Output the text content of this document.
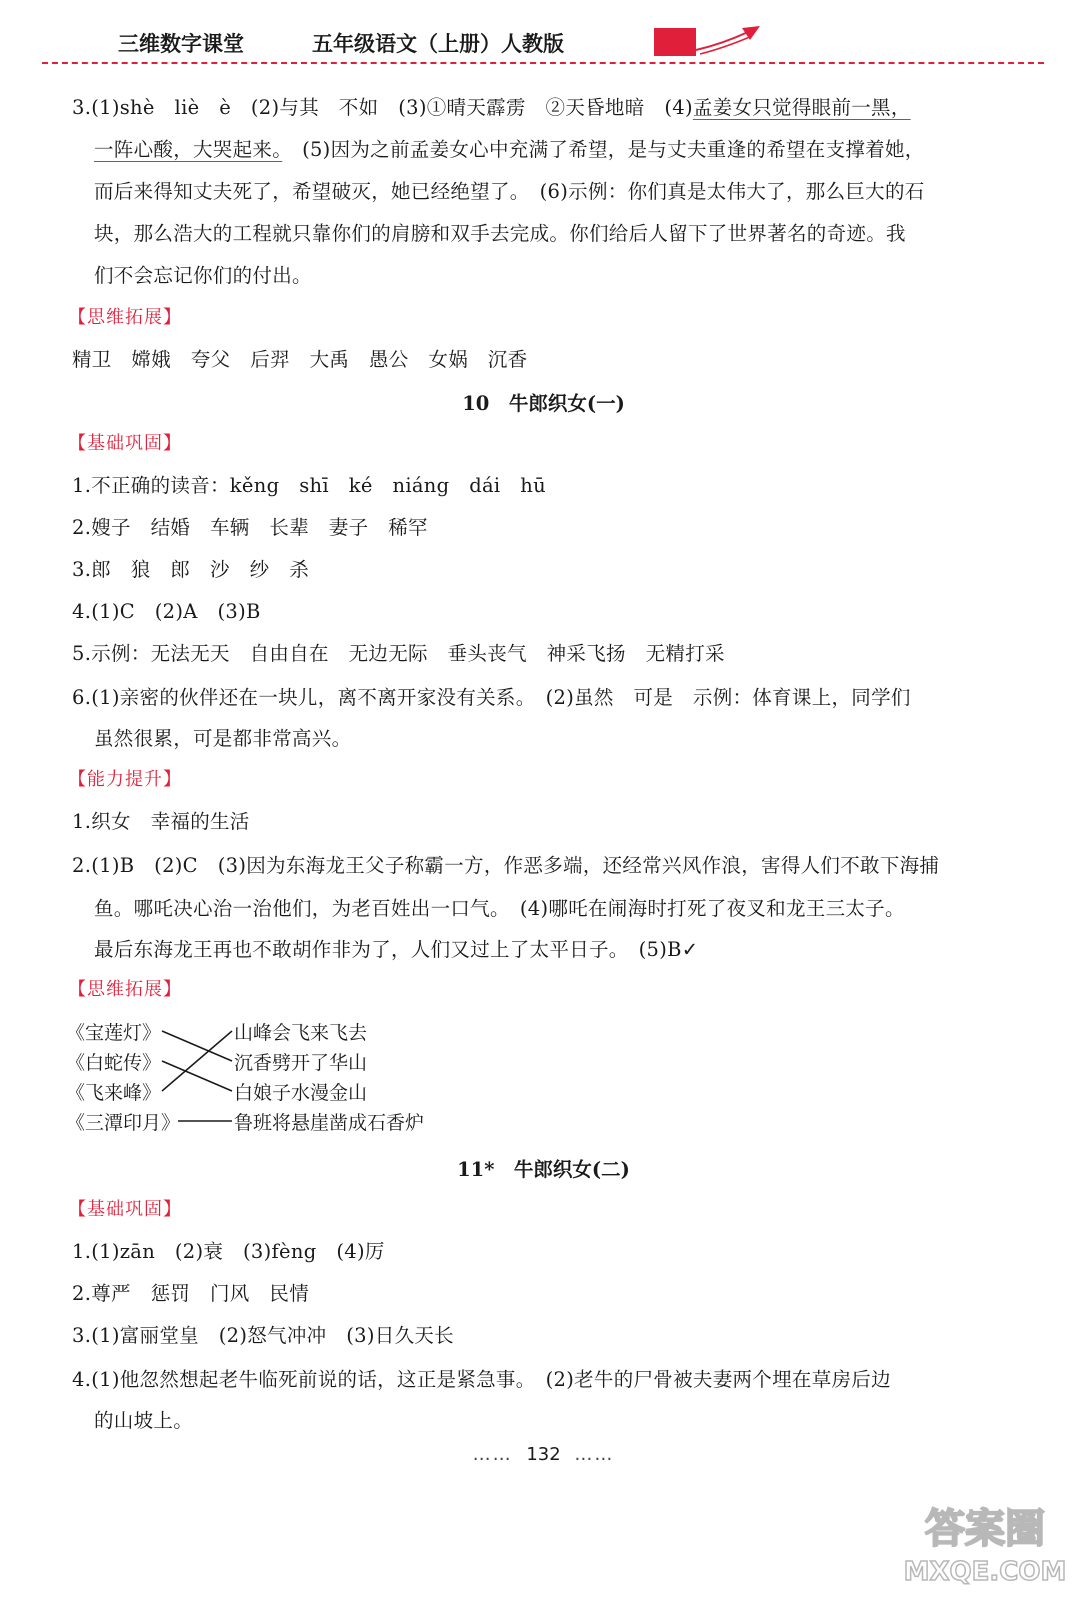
三维数字课堂	五年级语文（上册）人教版
3.(1)shè　liè　è　(2)与其　不如　(3)①晴天霹雳　②天昏地暗　(4)孟姜女只觉得眼前一黑，
一阵心酸，大哭起来。　(5)因为之前孟姜女心中充满了希望，是与丈夫重逢的希望在支撑着她，
而后来得知丈夫死了，希望破灭，她已经绝望了。　(6)示例：你们真是太伟大了，那么巨大的石
块，那么浩大的工程就只靠你们的肩膀和双手去完成。你们给后人留下了世界著名的奇迹。我
们不会忘记你们的付出。
【思维拓展】
精卫　嫦娥　夸父　后羿　大禹　愚公　女娲　沉香
10　牛郎织女(一)
【基础巩固】
1.不正确的读音：kěng　shī　ké　niáng　dái　hū
2.嫂子　结婚　车辆　长辈　妻子　稀罕
3.郎　狼　郎　沙　纱　杀
4.(1)C　(2)A　(3)B
5.示例：无法无天　自由自在　无边无际　垂头丧气　神采飞扬　无精打采
6.(1)亲密的伙伴还在一块儿，离不离开家没有关系。　(2)虽然　可是　示例：体育课上，同学们
虽然很累，可是都非常高兴。
【能力提升】
1.织女　幸福的生活
2.(1)B　(2)C　(3)因为东海龙王父子称霸一方，作恶多端，还经常兴风作浪，害得人们不敢下海捕
鱼。哪吒决心治一治他们，为老百姓出一口气。　(4)哪吒在闹海时打死了夜叉和龙王三太子。
最后东海龙王再也不敢胡作非为了，人们又过上了太平日子。　(5)B✓
【思维拓展】
《宝莲灯》
《白蛇传》
《飞来峰》
《三潭印月》
山峰会飞来飞去
沉香劈开了华山
白娘子水漫金山
鲁班将悬崖凿成石香炉
11*　牛郎织女(二)
【基础巩固】
1.(1)zān　(2)衰　(3)fèng　(4)厉
2.尊严　惩罚　门风　民情
3.(1)富丽堂皇　(2)怒气冲冲　(3)日久天长
4.(1)他忽然想起老牛临死前说的话，这正是紧急事。　(2)老牛的尸骨被夫妻两个埋在草房后边
的山坡上。
…… 132 ……
答案圈
MXQE.COM
